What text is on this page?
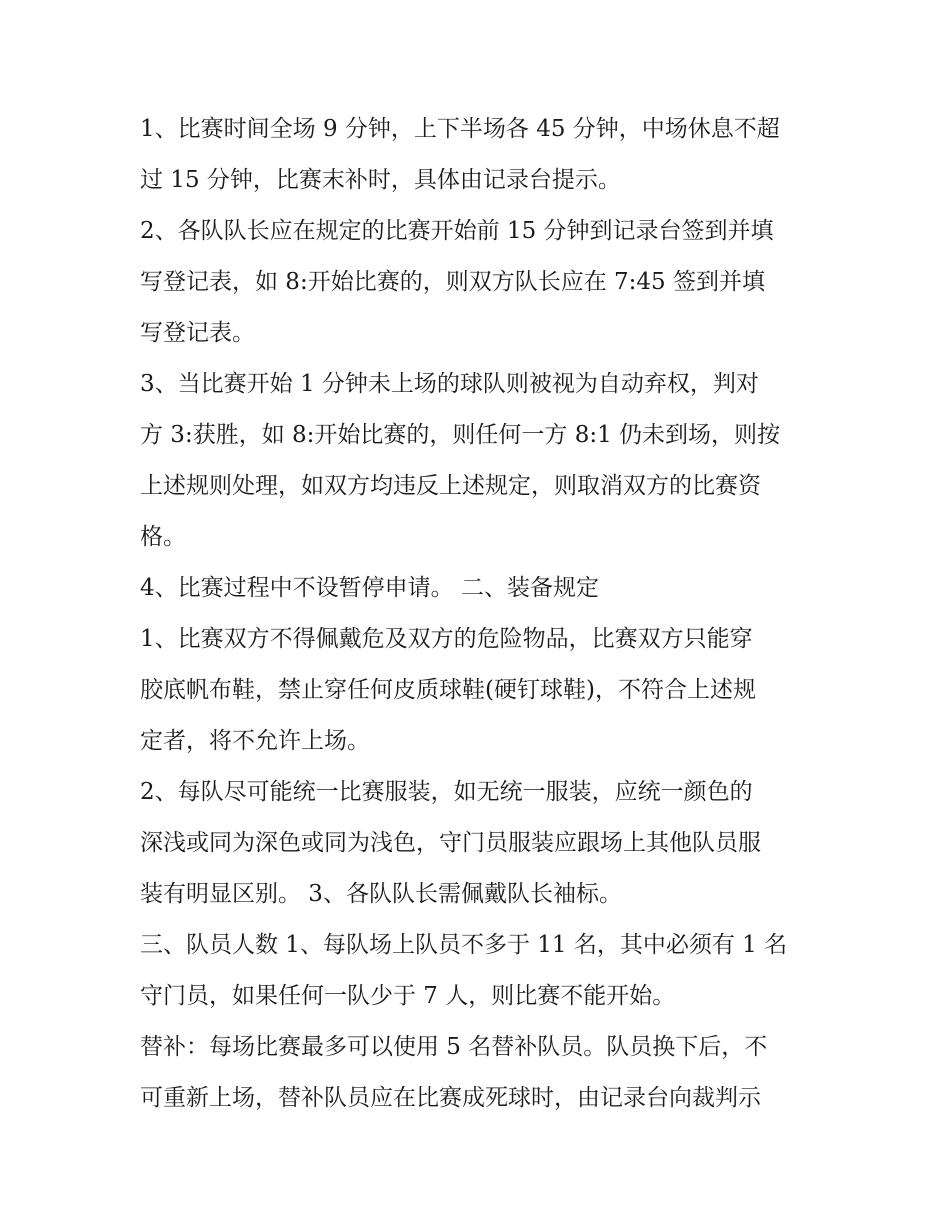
1、比赛时间全场 9 分钟，上下半场各 45 分钟，中场休息不超
过 15 分钟，比赛末补时，具体由记录台提示。

2、各队队长应在规定的比赛开始前 15 分钟到记录台签到并填
写登记表，如 8:开始比赛的，则双方队长应在 7:45 签到并填
写登记表。

3、当比赛开始 1 分钟未上场的球队则被视为自动弃权，判对
方 3:获胜，如 8:开始比赛的，则任何一方 8:1 仍未到场，则按
上述规则处理，如双方均违反上述规定，则取消双方的比赛资
格。

4、比赛过程中不设暂停申请。 二、装备规定

1、比赛双方不得佩戴危及双方的危险物品，比赛双方只能穿
胶底帆布鞋，禁止穿任何皮质球鞋(硬钉球鞋)，不符合上述规
定者，将不允许上场。

2、每队尽可能统一比赛服装，如无统一服装，应统一颜色的
深浅或同为深色或同为浅色，守门员服装应跟场上其他队员服
装有明显区别。 3、各队队长需佩戴队长袖标。

三、队员人数 1、每队场上队员不多于 11 名，其中必须有 1 名
守门员，如果任何一队少于 7 人，则比赛不能开始。

替补：每场比赛最多可以使用 5 名替补队员。队员换下后，不
可重新上场，替补队员应在比赛成死球时，由记录台向裁判示
